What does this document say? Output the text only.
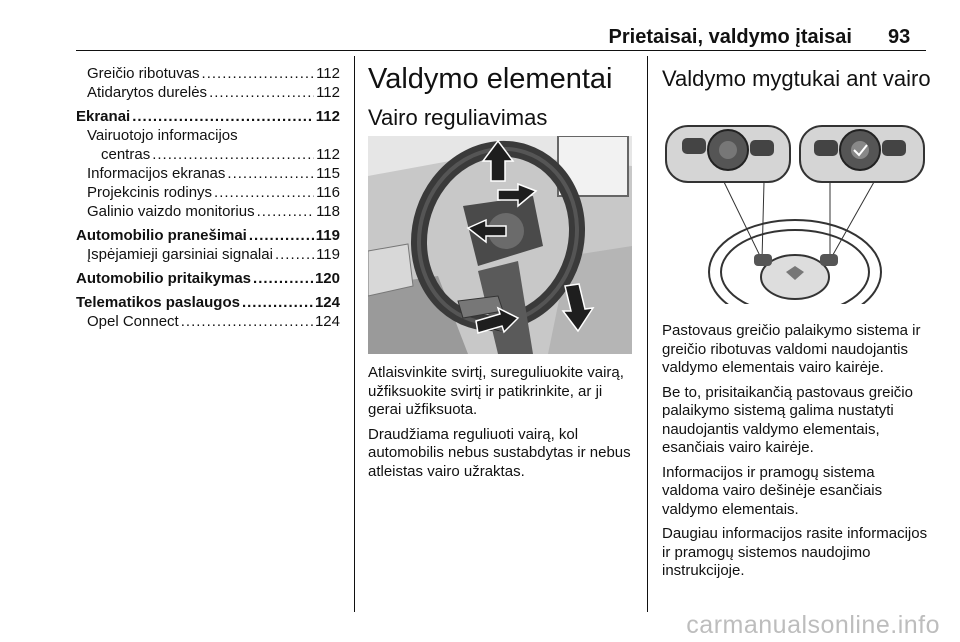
Prietaisai, valdymo įtaisai 93
Greičio ribotuvas .....	112
Atidarytos durelės .....	112
Ekranai .....	112
Vairuotojo informacijos
centras .....	112
Informacijos ekranas .....	115
Projekcinis rodinys .....	116
Galinio vaizdo monitorius .....	118
Automobilio pranešimai .....	119
Įspėjamieji garsiniai signalai .....	119
Automobilio pritaikymas .....	120
Telematikos paslaugos .....	124
Opel Connect .....	124
Valdymo elementai
Vairo reguliavimas

Atlaisvinkite svirtį, sureguliuokite vairą, užfiksuokite svirtį ir patikrinkite, ar ji gerai užfiksuota.

Draudžiama reguliuoti vairą, kol automobilis nebus sustabdytas ir nebus atleistas vairo užraktas.

Valdymo mygtukai ant vairo

Pastovaus greičio palaikymo sistema ir greičio ribotuvas valdomi naudojantis valdymo elementais vairo kairėje.

Be to, prisitaikančią pastovaus greičio palaikymo sistemą galima nustatyti naudojantis valdymo elementais, esančiais vairo kairėje.

Informacijos ir pramogų sistema valdoma vairo dešinėje esančiais valdymo elementais.

Daugiau informacijos rasite informacijos ir pramogų sistemos naudojimo instrukcijoje.

carmanualsonline.info
